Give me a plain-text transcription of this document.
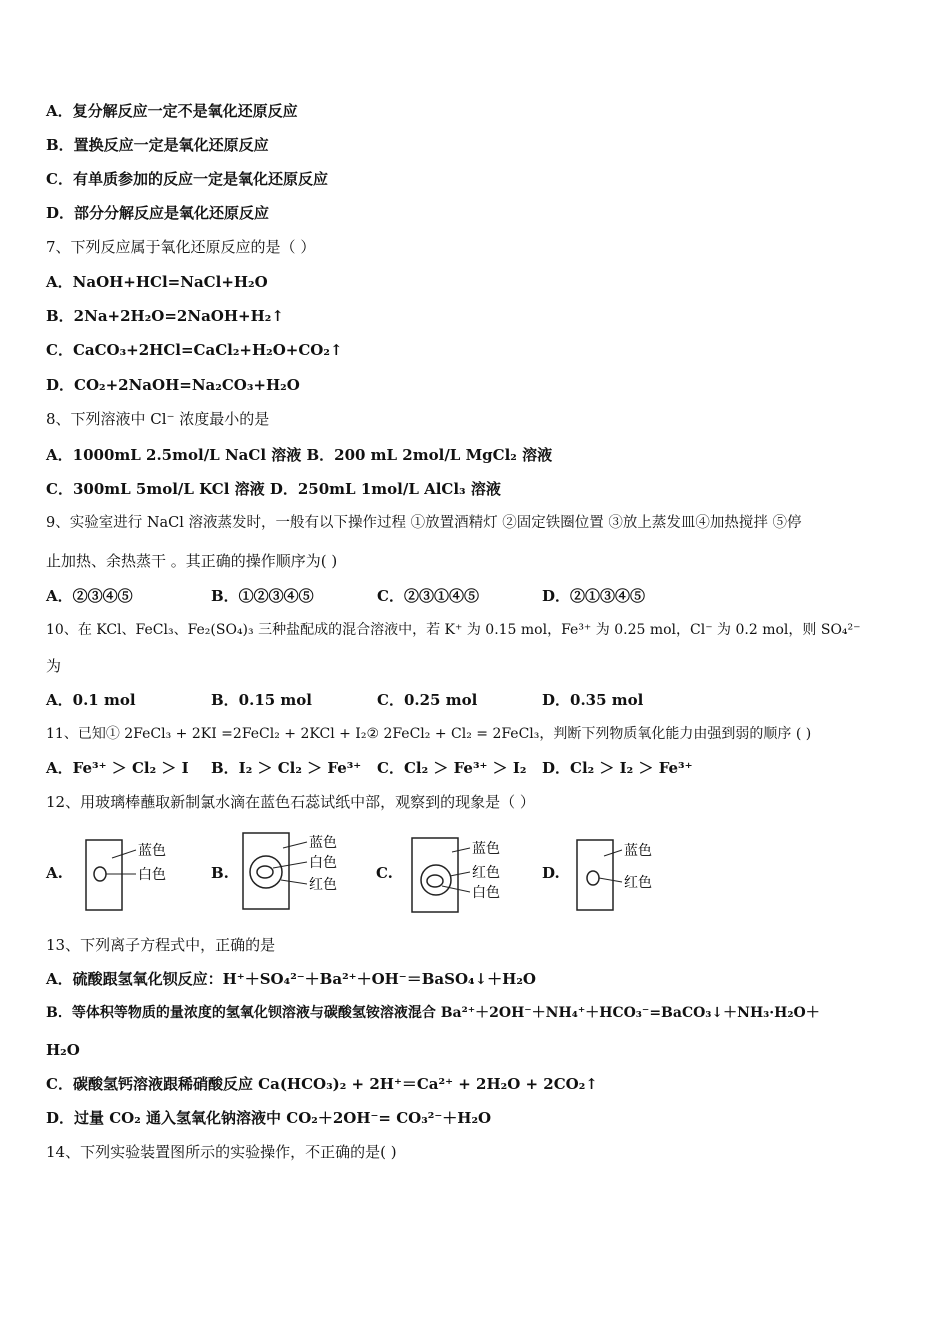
A．复分解反应一定不是氧化还原反应
B．置换反应一定是氧化还原反应
C．有单质参加的反应一定是氧化还原反应
D．部分分解反应是氧化还原反应
7、下列反应属于氧化还原反应的是（ ）
A．NaOH+HCl=NaCl+H₂O
B．2Na+2H₂O=2NaOH+H₂↑
C．CaCO₃+2HCl=CaCl₂+H₂O+CO₂↑
D．CO₂+2NaOH=Na₂CO₃+H₂O
8、下列溶液中 Cl⁻ 浓度最小的是
A．1000mL 2.5mol/L NaCl 溶液 B．200 mL 2mol/L MgCl₂ 溶液
C．300mL 5mol/L KCl 溶液 D．250mL 1mol/L AlCl₃ 溶液
9、实验室进行 NaCl 溶液蒸发时，一般有以下操作过程 ①放置酒精灯 ②固定铁圈位置 ③放上蒸发皿④加热搅拌 ⑤停
止加热、余热蒸干 。其正确的操作顺序为( )
A．②③④⑤	B．①②③④⑤	C．②③①④⑤	D．②①③④⑤
10、在 KCl、FeCl₃、Fe₂(SO₄)₃ 三种盐配成的混合溶液中，若 K⁺ 为 0.15 mol，Fe³⁺ 为 0.25 mol，Cl⁻ 为 0.2 mol，则 SO₄²⁻
为
A．0.1 mol	B．0.15 mol	C．0.25 mol	D．0.35 mol
11、已知① 2FeCl₃ + 2KI =2FeCl₂ + 2KCl + I₂② 2FeCl₂ + Cl₂ = 2FeCl₃，判断下列物质氧化能力由强到弱的顺序 ( )
A．Fe³⁺ ＞ Cl₂ ＞ I B．I₂ ＞ Cl₂ ＞ Fe³⁺ C．Cl₂ ＞ Fe³⁺ ＞ I₂ D．Cl₂ ＞ I₂ ＞ Fe³⁺
12、用玻璃棒蘸取新制氯水滴在蓝色石蕊试纸中部，观察到的现象是（ ）
A.
蓝色
白色	B.
蓝色
白色
红色
C.
蓝色
红色
白色
D.
蓝色
红色
13、下列离子方程式中，正确的是
A．硫酸跟氢氧化钡反应：H⁺＋SO₄²⁻＋Ba²⁺＋OH⁻＝BaSO₄↓＋H₂O
B．等体积等物质的量浓度的氢氧化钡溶液与碳酸氢铵溶液混合 Ba²⁺＋2OH⁻＋NH₄⁺＋HCO₃⁻=BaCO₃↓＋NH₃·H₂O＋
H₂O
C．碳酸氢钙溶液跟稀硝酸反应 Ca(HCO₃)₂ + 2H⁺＝Ca²⁺ + 2H₂O + 2CO₂↑
D．过量 CO₂ 通入氢氧化钠溶液中 CO₂＋2OH⁻= CO₃²⁻＋H₂O
14、下列实验装置图所示的实验操作，不正确的是( )
